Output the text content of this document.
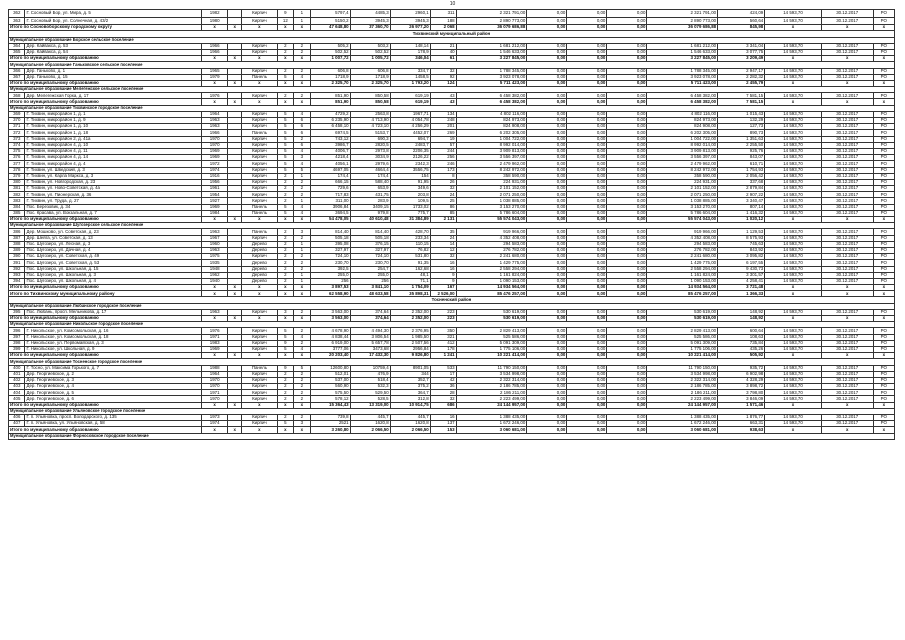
10
362	Г. Сосновый Бор, ул. Мира, д. 5	1982		Кирпич	9	1	5797,4	4485,3	2960,1	311	2 321 791,00	0,00	0,00	0,00	2 321 791,00	424,09	14 593,70	30.12.2017	РО
363	Г. Сосновый Бор, ул. Солнечная, д. 43/2	1980		Кирпич	12	1	5150,2	3945,3	3945,3	188	2 890 773,00	0,00	0,00	0,00	2 890 773,00	560,64	14 593,70	30.12.2017	РО
Итого по Сосновоборскому городскому округу		x	x	x	x	x	47 648,80	37 360,70	26 977,20	2 068	36 079 686,88	0,00	0,00	0,00	36 079 686,88	845,98	x	x	x
Тихвинский муниципальный район																			
Муниципальное образование Борское сельское поселение																			
364	Дер. Кайвакса, д. 53	1966		Кирпич	2	2	505,2	503,2	148,14	21	1 681 212,00	0,00	0,00	0,00	1 681 212,00	3 341,04	14 593,70	30.12.2017	РО
365	Дер. Кайвакса, д. 54	1966		Кирпич	2	2	502,52	502,52	178,9	40	1 546 633,00	0,00	0,00	0,00	1 546 633,00	3 077,75	14 593,70	30.12.2017	РО
Итого по муниципальному образованию		x	x	x	x	x	1 007,72	1 005,72	346,04	61	3 227 845,00	0,00	0,00	0,00	3 227 845,00	3 209,49	x	x	x
Муниципальное образование Ганьковское сельское поселение																			
366	Дер. Ганьково, д. 1	1965		Кирпич	2	2	606,8	606,8	334,7	32	1 788 345,00	0,00	0,00	0,00	1 788 345,00	2 947,17	14 593,70	30.12.2017	РО
367	Дер. Ганьково, д. 15	1979		Панель	5	4	1718,9	1718,9	1458,5	92	3 923 078,00	0,00	0,00	0,00	3 923 078,00	2 282,32	14 593,70	30.12.2017	РО
Итого по муниципальному образованию		x	x	x	x	x	2 325,70	2 325,70	1 793,20	124	5 711 423,00	0,00	0,00	0,00	5 711 423,00	2 455,79	x	x	x
Муниципальное образование Мелегежское сельское поселение																			
368	Дер. Мелегежская Горка, д. 17	1976		Кирпич	2	2	851,90	850,58	619,19	43	6 458 382,00	0,00	0,00	0,00	6 458 382,00	7 581,15	14 593,70	30.12.2017	РО
Итого по муниципальному образованию		x	x	x	x	x	851,90	850,58	619,19	43	6 458 382,00	0,00	0,00	0,00	6 458 382,00	7 581,15	x	x	x
Муниципальное образование Тихвинское городское поселение																			
369	Г. Тихвин, микрорайон 1, д. 1	1964		Кирпич	5	4	4729,2	2563,8	1967,71	134	4 802 116,00	0,00	0,00	0,00	4 802 116,00	1 015,43	14 593,70	30.12.2017	РО
370	Г. Тихвин, микрорайон 1, д. 9	1963		Кирпич	5	6	6 235,90	4 713,90	4 054,78	248	824 973,00	0,00	0,00	0,00	824 973,00	132,29	14 593,70	30.12.2017	РО
371	Г. Тихвин, микрорайон 1, д. 10	1963		Кирпич	5	6	6 458,10	4 723,10	4 256,29	201	824 908,00	0,00	0,00	0,00	824 908,00	127,73	14 593,70	30.12.2017	РО
372	Г. Тихвин, микрорайон 1, д. 18	1966		Панель	5	6	6974,5	5153,7	4452,07	269	6 202 305,00	0,00	0,00	0,00	6 202 305,00	890,73	14 593,70	30.12.2017	РО
373	Г. Тихвин, микрорайон 2, д. 41а	1970		Кирпич	5	2	743,12	690,3	694,7	19	1 004 722,00	0,00	0,00	0,00	1 004 722,00	1 351,63	14 593,70	30.12.2017	РО
374	Г. Тихвин, микрорайон 4, д. 10	1970		Кирпич	5	6	3986,7	2820,5	2483,7	57	8 992 014,00	0,00	0,00	0,00	8 992 014,00	2 255,50	14 593,70	30.12.2017	РО
375	Г. Тихвин, микрорайон 4, д. 11	1969		Кирпич	5	4	4006,7	2973,8	2206,35	244	3 909 813,00	0,00	0,00	0,00	3 909 813,00	925,76	14 593,70	30.12.2017	РО
376	Г. Тихвин, микрорайон 4, д. 14	1969		Кирпич	5	3	4218,4	3034,9	2126,22	256	3 556 397,00	0,00	0,00	0,00	3 556 397,00	843,07	14 593,70	30.12.2017	РО
377	Г. Тихвин, микрорайон 4, д. 4	1972		Кирпич	5	4	4056,1	2979,6	2342,3	246	2 479 962,00	0,00	0,00	0,00	2 479 962,00	610,71	14 593,70	30.12.2017	РО
378	Г. Тихвин, ул. Шведский, д. 3	1974		Кирпич	5	5	4697,05	4664,4	3556,75	173	8 242 972,00	0,00	0,00	0,00	8 242 972,00	1 754,93	14 593,70	30.12.2017	РО
379	Г. Тихвин, ул. Карла Маркса, д. 3	1916		Кирпич	2	1	174,4	174,4	154	8	358 590,00	0,00	0,00	0,00	358 590,00	2 056,42	14 593,70	30.12.2017	РО
380	Г. Тихвин, ул. Новгородская, д. 23	1956		Кирпич	2	2	666,15	588,40	91,95	26	224 931,00	0,00	0,00	0,00	224 931,00	337,68	14 593,70	30.12.2017	РО
381	Г. Тихвин, ул. Ново-Советская, д. 4а	1961		Кирпич	2	2	729,6	653,9	349,6	32	2 101 152,00	0,00	0,00	0,00	2 101 152,00	2 879,84	14 593,70	30.12.2017	РО
382	Г. Тихвин, ул. Пионерская, д. 36	1954		Кирпич	2	2	717,83	431,75	203,8	24	2 071 250,00	0,00	0,00	0,00	2 071 250,00	2 907,22	14 593,70	30.12.2017	РО
383	Г. Тихвин, ул. Труда, д. 27	1927		Кирпич	2	1	311,00	283,9	109,5	25	1 038 885,00	0,00	0,00	0,00	1 038 885,00	3 340,47	14 593,70	30.12.2017	РО
384	Пос. Березовик, д. 34	1969		Панель	5	4	3906,84	3409,15	1733,02	86	3 153 270,00	0,00	0,00	0,00	3 153 270,00	807,14	14 593,70	30.12.2017	РО
385	Пос. Красава, ул. Вокзальная, д. 7	1984		Панель	5	4	3694,5	979,8	775,7	85	5 786 604,00	0,00	0,00	0,00	5 786 604,00	1 416,32	14 593,70	30.12.2017	РО
Итого по муниципальному образованию		x	x	x	x	x	54 478,05	40 610,48	31 384,89	2 131	55 574 043,00	0,00	0,00	0,00	55 574 043,00	1 020,12	x	x	x
Муниципальное образование Шугозерское сельское поселение																			
386	Дер. Мошково, ул. Советская, д. 23	1963		Панель	2	3	814,40	814,40	428,70	35	919 966,00	0,00	0,00	0,00	919 966,00	1 129,53	14 593,70	30.12.2017	РО
387	Дер. Шейга, ул. Советская, д. 13	1967		Кирпич	2	2	505,18	505,18	233,34	24	4 352 408,00	0,00	0,00	0,00	4 352 408,00	8 575,93	14 593,70	30.12.2017	РО
388	Пос. Шугозеро, ул. Лесная, д. 3	1960		Дерево	2	1	395,08	376,15	110,15	14	294 583,00	0,00	0,00	0,00	294 583,00	745,63	14 593,70	30.12.2017	РО
389	Пос. Шугозеро, ул. Дачная, д. 4	1963		Дерево	2	1	327,97	327,97	76,82	12	276 782,00	0,00	0,00	0,00	276 782,00	843,92	14 593,70	30.12.2017	РО
390	Пос. Шугозеро, ул. Советская, д. 49	1975		Кирпич	2	2	724,10	724,10	531,80	32	2 241 680,00	0,00	0,00	0,00	2 241 680,00	3 095,82	14 593,70	30.12.2017	РО
391	Пос. Шугозеро, ул. Советская, д. 53	1935		Дерево	2	2	230,70	230,70	91,35	16	1 429 775,00	0,00	0,00	0,00	1 429 775,00	6 197,55	14 593,70	30.12.2017	РО
392	Пос. Шугозеро, ул. Школьная, д. 15	1948		Дерево	2	2	392,5	254,7	162,68	16	2 558 294,00	0,00	0,00	0,00	2 558 294,00	9 430,73	14 593,70	30.12.2017	РО
393	Пос. Шугозеро, ул. Школьная, д. 3	1962		Дерево	2	1	255,0	255,0	48,1	9	1 161 824,00	0,00	0,00	0,00	1 161 824,00	3 301,57	14 593,70	30.12.2017	РО
394	Пос. Шугозеро, ул. Школьная, д. 4	1940		Дерево	2	1	256	256	71,1	9	1 090 153,00	0,00	0,00	0,00	1 090 153,00	4 258,41	14 593,70	30.12.2017	РО
Итого по муниципальному образованию		x	x	x	x	x	3 897,53	3 841,10	1 754,09	167	14 934 564,00	0,00	0,00	0,00	14 934 564,00	3 721,48	x	x	x
Итого по Тихвинскому муниципальному району		x	x	x	x	x	62 558,90	48 633,58	35 898,31	2 526,00	85 476 257,00	0,00	0,00	0,00	85 476 257,00	1 366,33	x	x	x
Тосненский район																			
Муниципальное образование Любанское городское поселение																			
395	Пос. Любань, просп. Мельникова, д. 17	1963		Кирпич	3	2	3 563,00	374,64	2 352,00	223	530 619,00	0,00	0,00	0,00	530 619,00	148,92	14 593,70	30.12.2017	РО
Итого по муниципальному образованию		x	x	x	x	x	3 563,00	374,64	2 352,00	223	530 619,00	0,00	0,00	0,00	530 619,00	148,92	x	x	x
Муниципальное образование Никольское городское поселение																			
396	Г. Никольское, ул. Комсомольская, д. 16	1976		Кирпич	5	2	4 678,90	4 494,30	2 376,95	350	2 829 413,00	0,00	0,00	0,00	2 829 413,00	600,64	14 593,70	30.12.2017	РО
397	Г. Никольское, ул. Комсомольская, д. 18	1971		Кирпич	5	4	4 838,44	3 806,54	1 985,50	321	525 586,00	0,00	0,00	0,00	525 586,00	108,63	14 593,70	30.12.2017	РО
398	Г. Никольское, ул. Первомайская, д. 3	1983		Кирпич	9	2	6 919,00	5 657,78	2 507,56	412	5 091 309,00	0,00	0,00	0,00	5 091 309,00	735,84	14 593,70	30.12.2017	РО
399	Г. Никольское, ул. Школьная, д. 9	1969		Кирпич	5	4	3777,06	3473,68	2956,84	178	1 775 106,00	0,00	0,00	0,00	1 775 106,00	435,26	14 593,70	30.12.2017	РО
Итого по муниципальному образованию		x	x	x	x	x	20 203,40	17 432,30	9 826,80	1 241	10 221 414,00	0,00	0,00	0,00	10 221 414,00	505,92	x	x	x
Муниципальное образование Тосненское городское поселение																			
400	Г. Тосно, ул. Максима Горького, д. 7	1988		Панель	9	5	12600,80	10759,4	8901,05	533	11 790 150,00	0,00	0,00	0,00	11 790 150,00	935,72	14 593,70	30.12.2017	РО
401	Дер. Георгиевское, д. 2	1964		Кирпич	2	2	512,01	476,9	344	17	3 534 998,00	0,00	0,00	0,00	3 534 998,00	6 902,98	14 593,70	30.12.2017	РО
402	Дер. Георгиевское, д. 3	1970		Кирпич	2	2	537,00	518,4	352,7	42	2 322 314,00	0,00	0,00	0,00	2 322 314,00	4 328,29	14 593,70	30.12.2017	РО
403	Дер. Георгиевское, д. 4	1970		Кирпич	2	2	560,90	532,3	375,2	36	2 186 785,00	0,00	0,00	0,00	2 186 785,00	3 898,72	14 593,70	30.12.2017	РО
404	Дер. Георгиевское, д. 5	1971		Кирпич	2	2	575,50	529,50	364,7	28	2 186 211,00	0,00	0,00	0,00	2 186 211,00	3 798,80	14 593,70	30.12.2017	РО
405	Дер. Георгиевское, д. 6	1970		Кирпич	2	2	578,12	528,5	312,8	32	2 223 499,00	0,00	0,00	0,00	2 223 499,00	3 846,09	14 593,70	30.12.2017	РО
Итого по муниципальному образованию		x	x	x	x	x	15 364,43	13 319,00	10 914,75	686	24 144 957,00	0,00	0,00	0,00	24 144 957,00	1 571,46	x	x	x
Муниципальное образование Ульяновское городское поселение																			
406	Г. п. Ульяновка, просп. Володарского, д. 135	1973		Кирпич	2	2	739,8	445,7	445,7	16	1 388 435,00	0,00	0,00	0,00	1 388 435,00	1 876,77	14 593,70	30.12.2017	РО
407	Г. п. Ульяновка, ул. Ульяновская, д. 58	1974		Кирпич	5	3	2521	1620,8	1620,8	137	1 672 246,00	0,00	0,00	0,00	1 672 246,00	663,31	14 593,70	30.12.2017	РО
Итого по муниципальному образованию		x	x	x	x	x	3 260,80	2 066,50	2 066,50	153	3 060 681,00	0,00	0,00	0,00	3 060 681,00	938,63	x	x	x
Муниципальное образование Форносовское городское поселение																			
